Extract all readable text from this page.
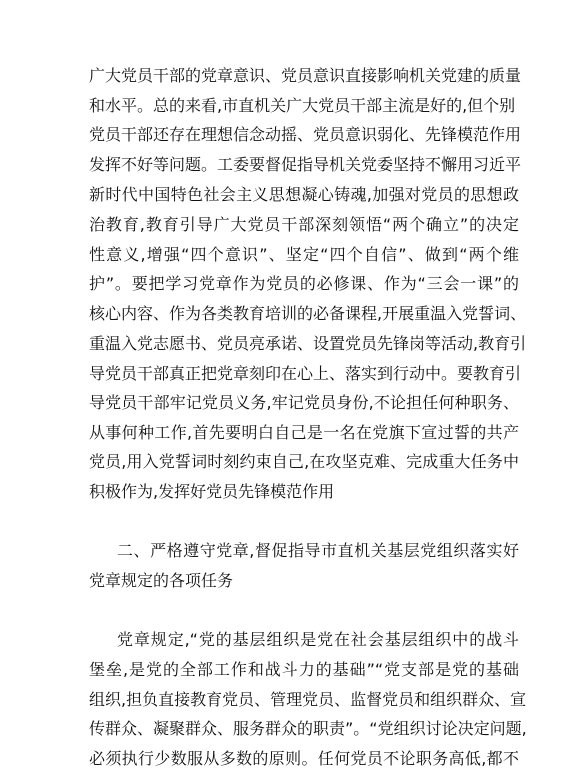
广大党员干部的党章意识、党员意识直接影响机关党建的质量

和水平。总的来看,市直机关广大党员干部主流是好的,但个别

党员干部还存在理想信念动摇、党员意识弱化、先锋模范作用

发挥不好等问题。工委要督促指导机关党委坚持不懈用习近平

新时代中国特色社会主义思想凝心铸魂,加强对党员的思想政

治教育,教育引导广大党员干部深刻领悟“两个确立”的决定

性意义,增强“四个意识”、坚定“四个自信”、做到“两个维

护”。要把学习党章作为党员的必修课、作为“三会一课”的

核心内容、作为各类教育培训的必备课程,开展重温入党誓词、

重温入党志愿书、党员亮承诺、设置党员先锋岗等活动,教育引

导党员干部真正把党章刻印在心上、落实到行动中。要教育引

导党员干部牢记党员义务,牢记党员身份,不论担任何种职务、

从事何种工作,首先要明白自己是一名在党旗下宣过誓的共产

党员,用入党誓词时刻约束自己,在攻坚克难、完成重大任务中

积极作为,发挥好党员先锋模范作用

二、严格遵守党章,督促指导市直机关基层党组织落实好

党章规定的各项任务

党章规定,“党的基层组织是党在社会基层组织中的战斗

堡垒,是党的全部工作和战斗力的基础”“党支部是党的基础

组织,担负直接教育党员、管理党员、监督党员和组织群众、宣

传群众、凝聚群众、服务群众的职责”。“党组织讨论决定问题,

必须执行少数服从多数的原则。任何党员不论职务高低,都不
